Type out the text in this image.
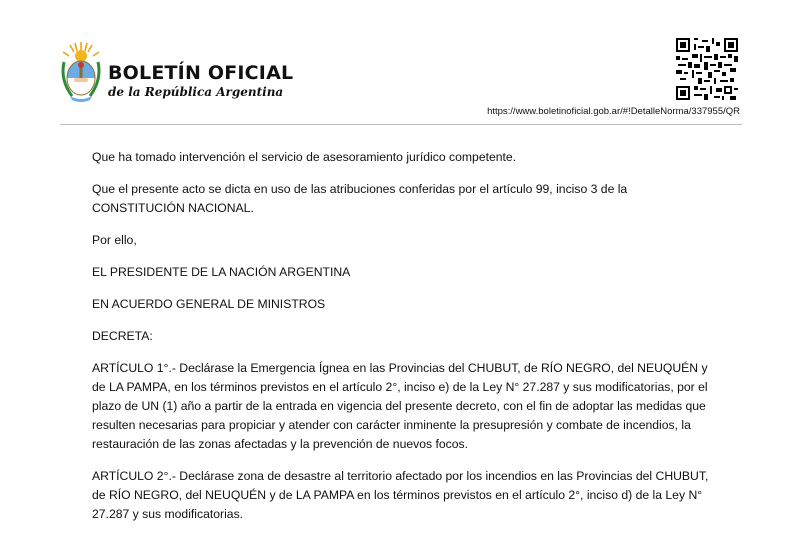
BOLETÍN OFICIAL
de la República Argentina
https://www.boletinoficial.gob.ar/#!DetalleNorma/337955/QR

Que ha tomado intervención el servicio de asesoramiento jurídico competente.

Que el presente acto se dicta en uso de las atribuciones conferidas por el artículo 99, inciso 3 de la CONSTITUCIÓN NACIONAL.

Por ello,

EL PRESIDENTE DE LA NACIÓN ARGENTINA

EN ACUERDO GENERAL DE MINISTROS

DECRETA:

ARTÍCULO 1°.- Declárase la Emergencia Ígnea en las Provincias del CHUBUT, de RÍO NEGRO, del NEUQUÉN y de LA PAMPA, en los términos previstos en el artículo 2°, inciso e) de la Ley N° 27.287 y sus modificatorias, por el plazo de UN (1) año a partir de la entrada en vigencia del presente decreto, con el fin de adoptar las medidas que resulten necesarias para propiciar y atender con carácter inminente la presupresión y combate de incendios, la restauración de las zonas afectadas y la prevención de nuevos focos.

ARTÍCULO 2°.- Declárase zona de desastre al territorio afectado por los incendios en las Provincias del CHUBUT, de RÍO NEGRO, del NEUQUÉN y de LA PAMPA en los términos previstos en el artículo 2°, inciso d) de la Ley N° 27.287 y sus modificatorias.
